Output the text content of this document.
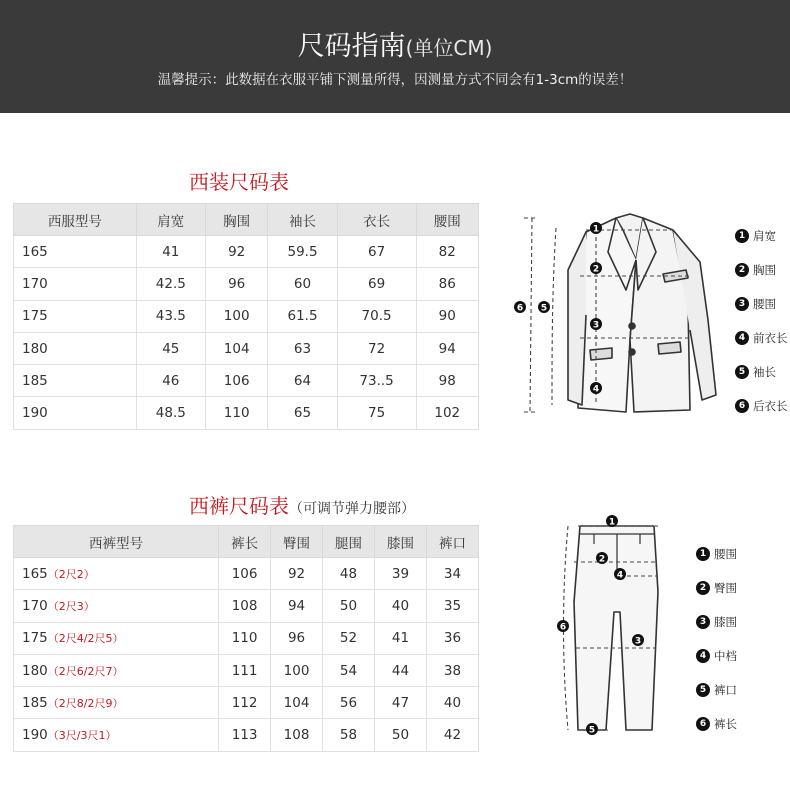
尺码指南(单位CM)
温馨提示：此数据在衣服平铺下测量所得，因测量方式不同会有1-3cm的误差！
西装尺码表
西服型号	肩宽	胸围	袖长	衣长	腰围
165	41	92	59.5	67	82
170	42.5	96	60	69	86
175	43.5	100	61.5	70.5	90
180	45	104	63	72	94
185	46	106	64	73..5	98
190	48.5	110	65	75	102
1
2
3
4
5
6
1 肩宽
2 胸围
3 腰围
4 前衣长
5 袖长
6 后衣长
西裤尺码表（可调节弹力腰部）
西裤型号	裤长	臀围	腿围	膝围	裤口
165（2尺2）	106	92	48	39	34
170（2尺3）	108	94	50	40	35
175（2尺4/2尺5）	110	96	52	41	36
180（2尺6/2尺7）	111	100	54	44	38
185（2尺8/2尺9）	112	104	56	47	40
190（3尺/3尺1）	113	108	58	50	42
1
2
3
4
5
6
1 腰围
2 臀围
3 膝围
4 中档
5 裤口
6 裤长
